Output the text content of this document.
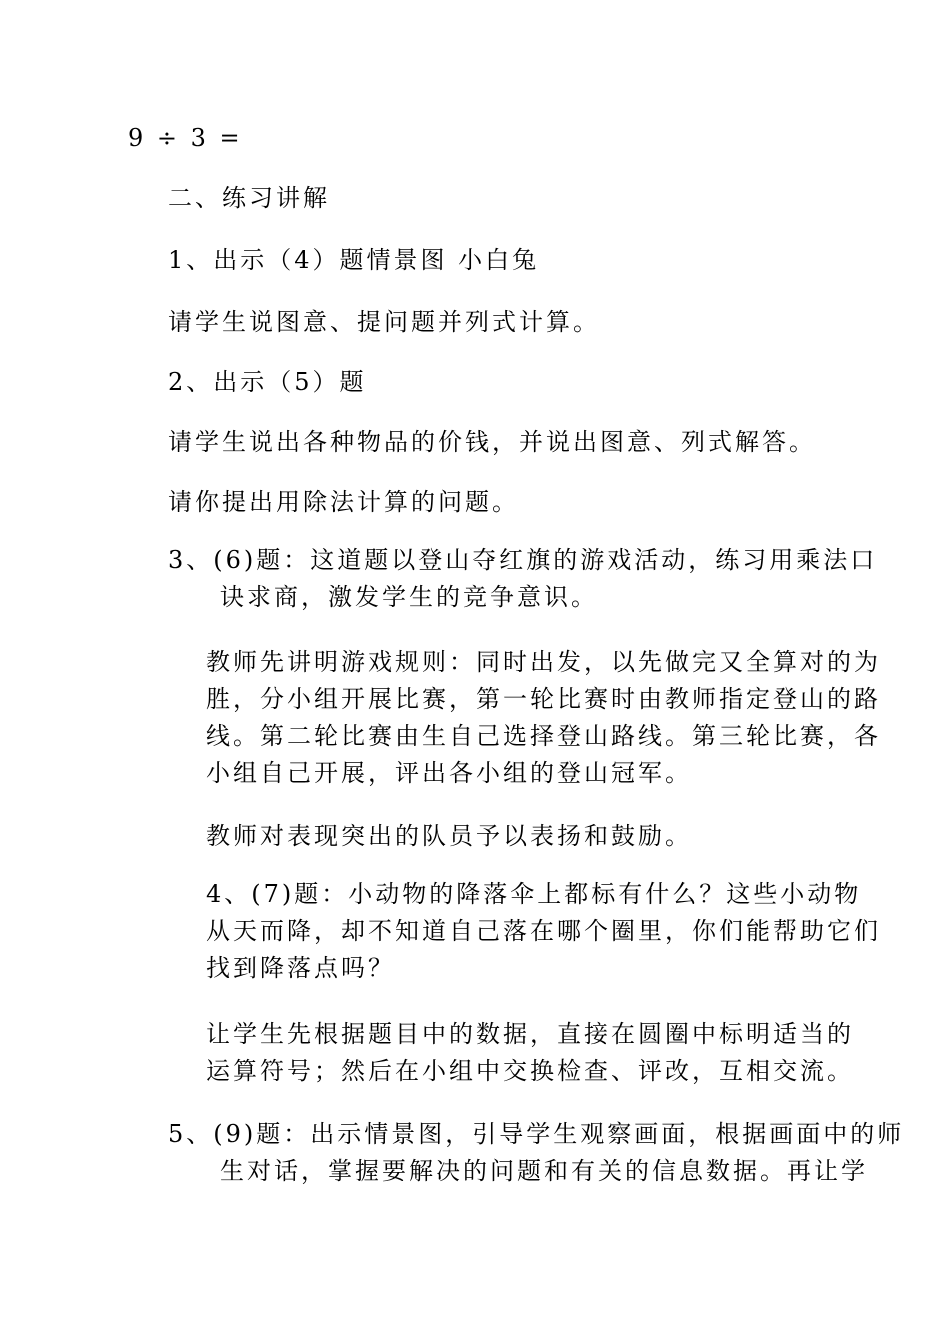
9 ÷ 3 =
二、练习讲解
1、出示（4）题情景图 小白兔
请学生说图意、提问题并列式计算。
2、出示（5）题
请学生说出各种物品的价钱，并说出图意、列式解答。
请你提出用除法计算的问题。
3、(6)题：这道题以登山夺红旗的游戏活动，练习用乘法口
诀求商，激发学生的竞争意识。
教师先讲明游戏规则：同时出发，以先做完又全算对的为
胜，分小组开展比赛，第一轮比赛时由教师指定登山的路
线。第二轮比赛由生自己选择登山路线。第三轮比赛，各
小组自己开展，评出各小组的登山冠军。
教师对表现突出的队员予以表扬和鼓励。
4、(7)题：小动物的降落伞上都标有什么？这些小动物
从天而降，却不知道自己落在哪个圈里，你们能帮助它们
找到降落点吗？
让学生先根据题目中的数据，直接在圆圈中标明适当的
运算符号；然后在小组中交换检查、评改，互相交流。
5、(9)题：出示情景图，引导学生观察画面，根据画面中的师
生对话，掌握要解决的问题和有关的信息数据。再让学
